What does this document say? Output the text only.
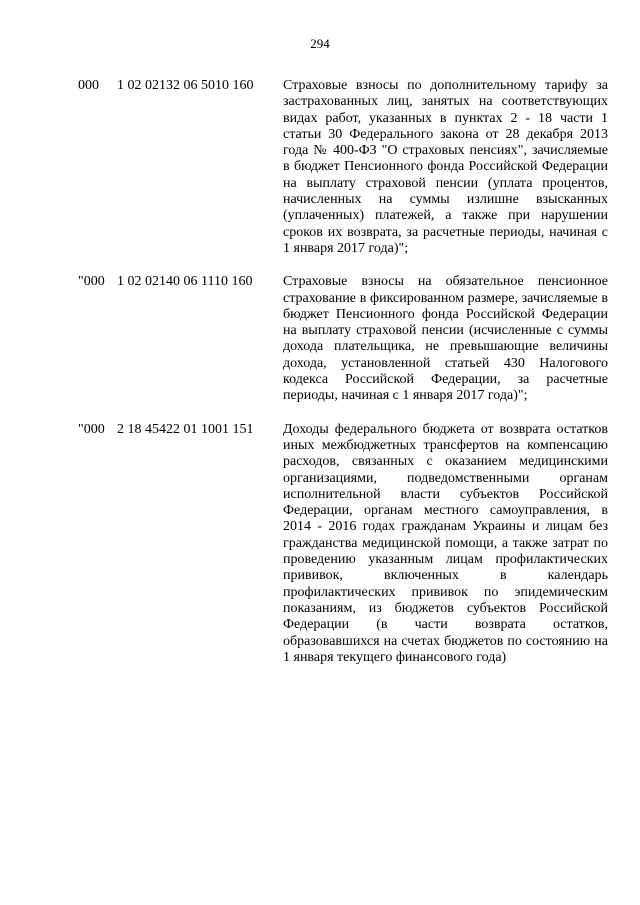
294
000 1 02 02132 06 5010 160 Страховые взносы по дополнительному тарифу за застрахованных лиц, занятых на соответствующих видах работ, указанных в пунктах 2 - 18 части 1 статьи 30 Федерального закона от 28 декабря 2013 года № 400-ФЗ "О страховых пенсиях", зачисляемые в бюджет Пенсионного фонда Российской Федерации на выплату страховой пенсии (уплата процентов, начисленных на суммы излишне взысканных (уплаченных) платежей, а также при нарушении сроков их возврата, за расчетные периоды, начиная с 1 января 2017 года)";
"000 1 02 02140 06 1110 160 Страховые взносы на обязательное пенсионное страхование в фиксированном размере, зачисляемые в бюджет Пенсионного фонда Российской Федерации на выплату страховой пенсии (исчисленные с суммы дохода плательщика, не превышающие величины дохода, установленной статьей 430 Налогового кодекса Российской Федерации, за расчетные периоды, начиная с 1 января 2017 года)";
"000 2 18 45422 01 1001 151 Доходы федерального бюджета от возврата остатков иных межбюджетных трансфертов на компенсацию расходов, связанных с оказанием медицинскими организациями, подведомственными органам исполнительной власти субъектов Российской Федерации, органам местного самоуправления, в 2014 - 2016 годах гражданам Украины и лицам без гражданства медицинской помощи, а также затрат по проведению указанным лицам профилактических прививок, включенных в календарь профилактических прививок по эпидемическим показаниям, из бюджетов субъектов Российской Федерации (в части возврата остатков, образовавшихся на счетах бюджетов по состоянию на 1 января текущего финансового года)
